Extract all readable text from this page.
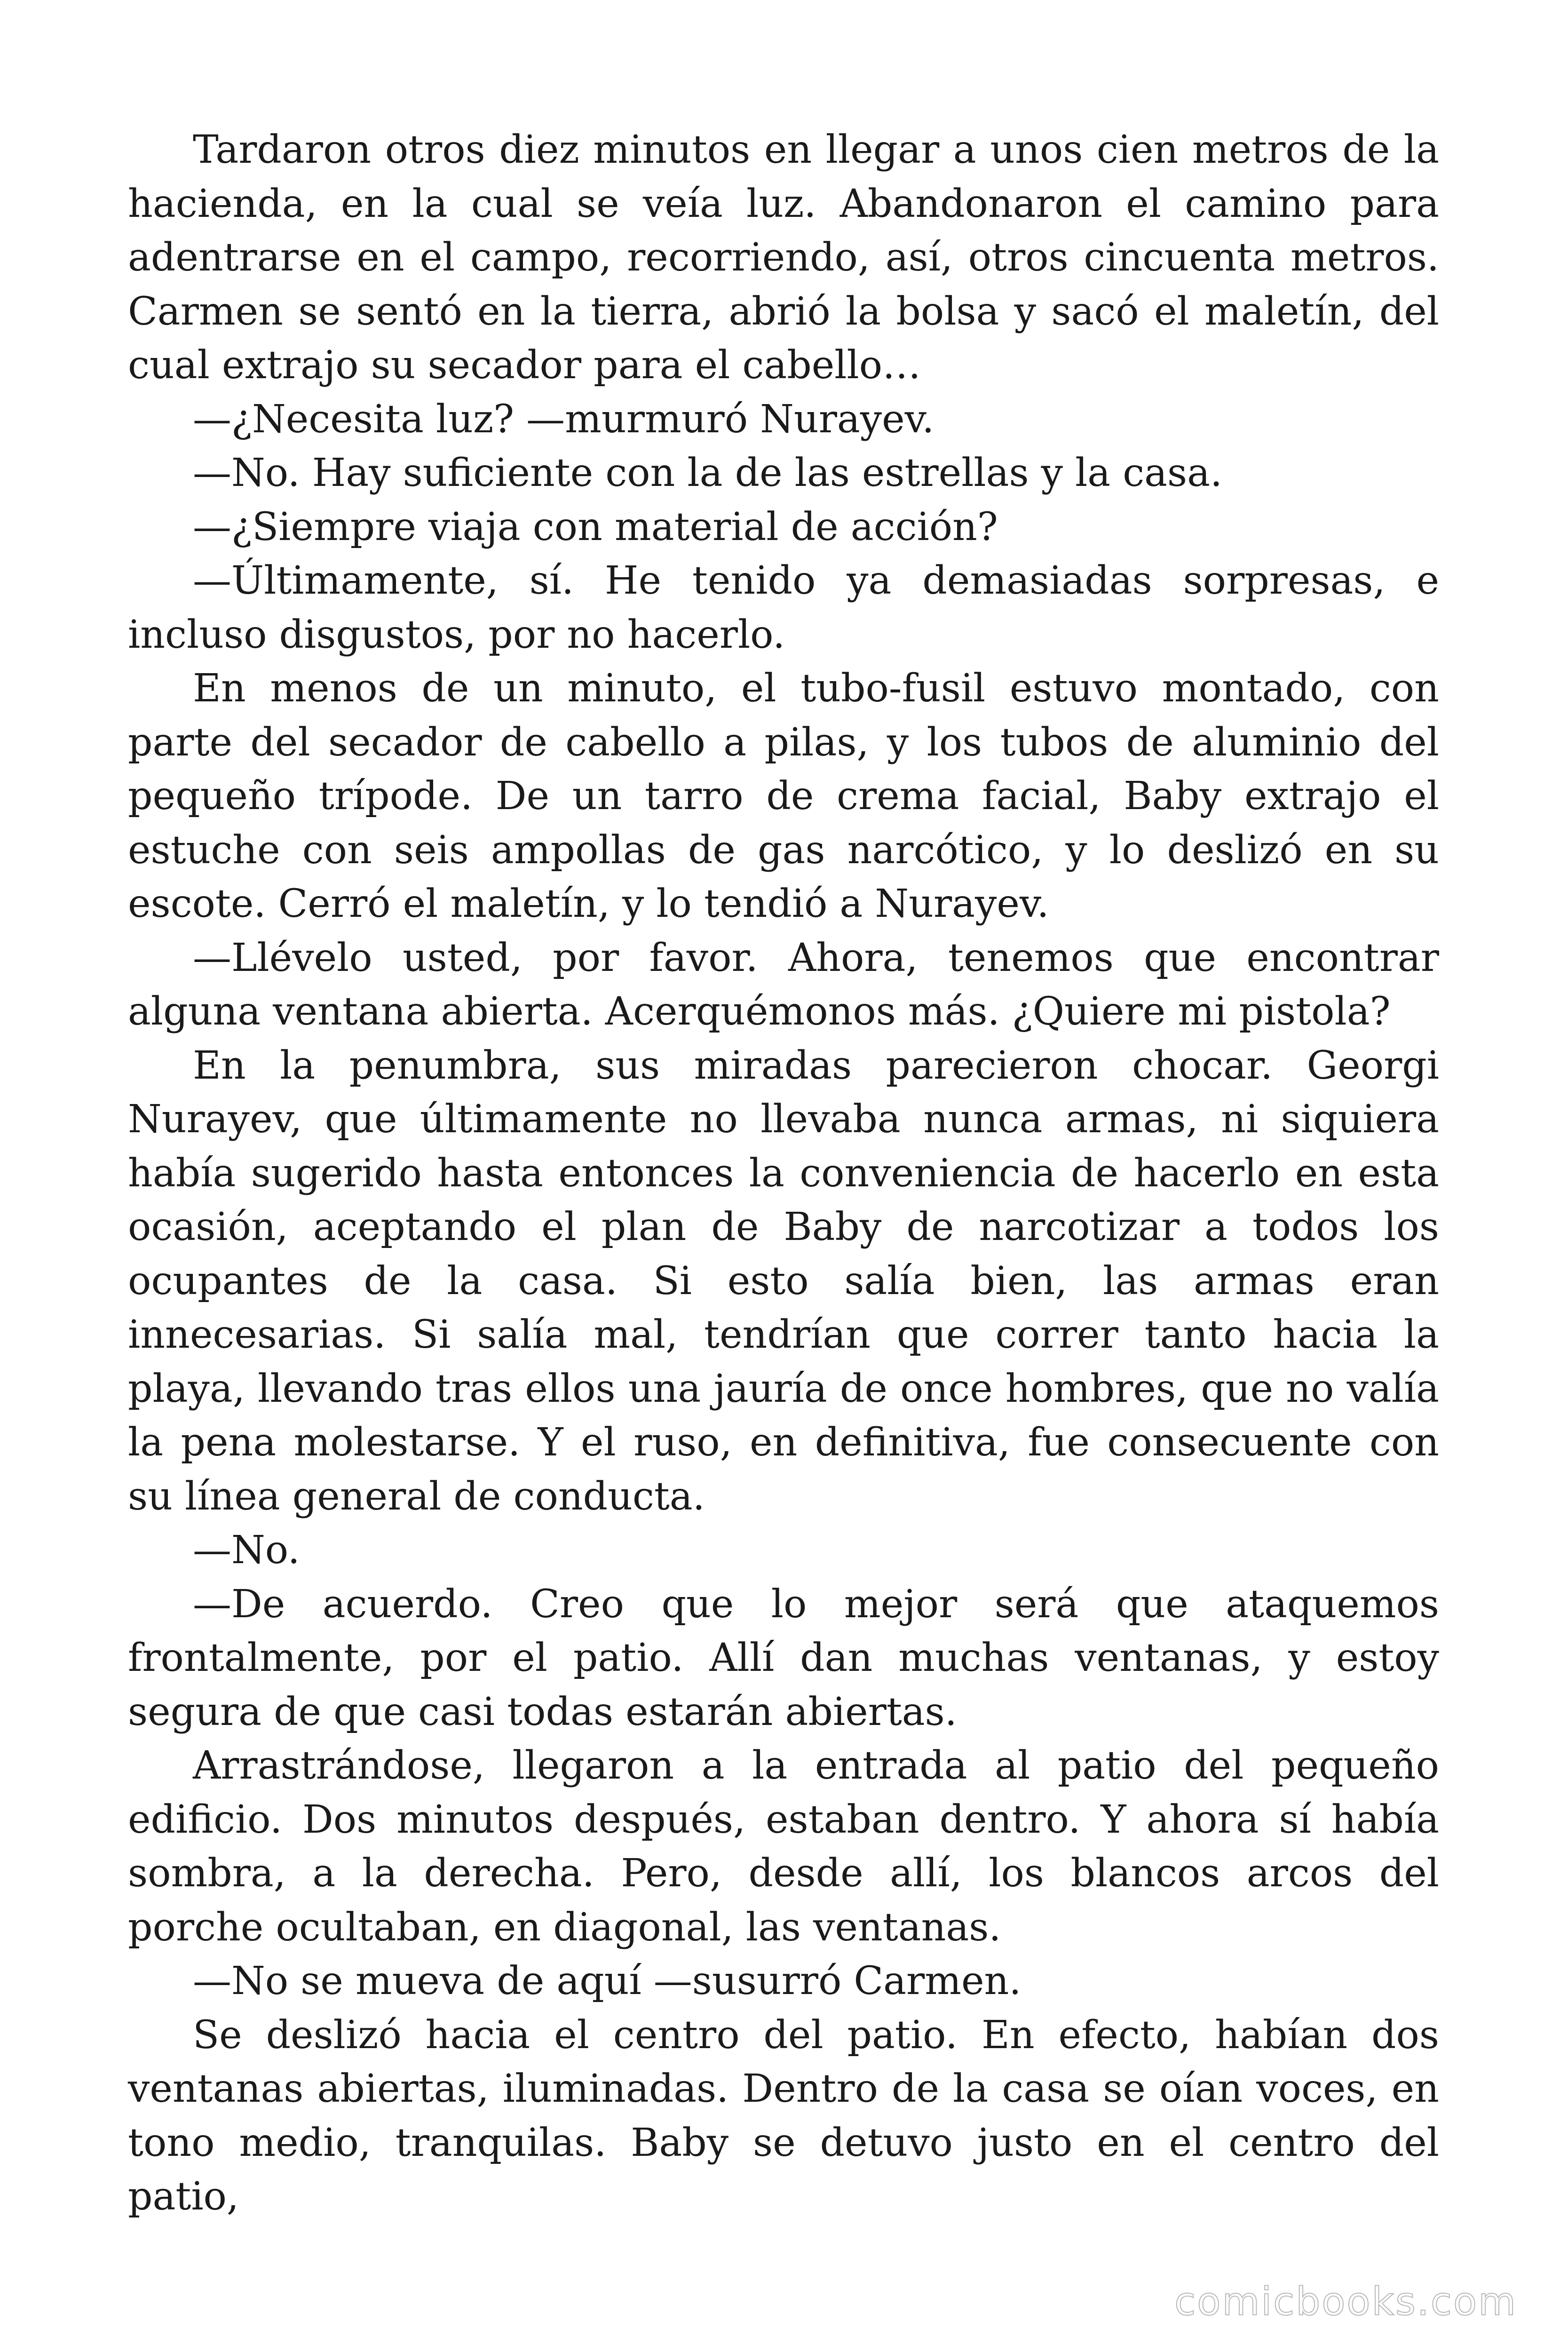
Tardaron otros diez minutos en llegar a unos cien metros de la hacienda, en la cual se veía luz. Abandonaron el camino para adentrarse en el campo, recorriendo, así, otros cincuenta metros. Carmen se sentó en la tierra, abrió la bolsa y sacó el maletín, del cual extrajo su secador para el cabello…

—¿Necesita luz? —murmuró Nurayev.

—No. Hay suficiente con la de las estrellas y la casa.

—¿Siempre viaja con material de acción?

—Últimamente, sí. He tenido ya demasiadas sorpresas, e incluso disgustos, por no hacerlo.

En menos de un minuto, el tubo-fusil estuvo montado, con parte del secador de cabello a pilas, y los tubos de aluminio del pequeño trípode. De un tarro de crema facial, Baby extrajo el estuche con seis ampollas de gas narcótico, y lo deslizó en su escote. Cerró el maletín, y lo tendió a Nurayev.

—Llévelo usted, por favor. Ahora, tenemos que encontrar alguna ventana abierta. Acerquémonos más. ¿Quiere mi pistola?

En la penumbra, sus miradas parecieron chocar. Georgi Nurayev, que últimamente no llevaba nunca armas, ni siquiera había sugerido hasta entonces la conveniencia de hacerlo en esta ocasión, aceptando el plan de Baby de narcotizar a todos los ocupantes de la casa. Si esto salía bien, las armas eran innecesarias. Si salía mal, tendrían que correr tanto hacia la playa, llevando tras ellos una jauría de once hombres, que no valía la pena molestarse. Y el ruso, en definitiva, fue consecuente con su línea general de conducta.

—No.

—De acuerdo. Creo que lo mejor será que ataquemos frontalmente, por el patio. Allí dan muchas ventanas, y estoy segura de que casi todas estarán abiertas.

Arrastrándose, llegaron a la entrada al patio del pequeño edificio. Dos minutos después, estaban dentro. Y ahora sí había sombra, a la derecha. Pero, desde allí, los blancos arcos del porche ocultaban, en diagonal, las ventanas.

—No se mueva de aquí —susurró Carmen.

Se deslizó hacia el centro del patio. En efecto, habían dos ventanas abiertas, iluminadas. Dentro de la casa se oían voces, en tono medio, tranquilas. Baby se detuvo justo en el centro del patio,

comicbooks.com
